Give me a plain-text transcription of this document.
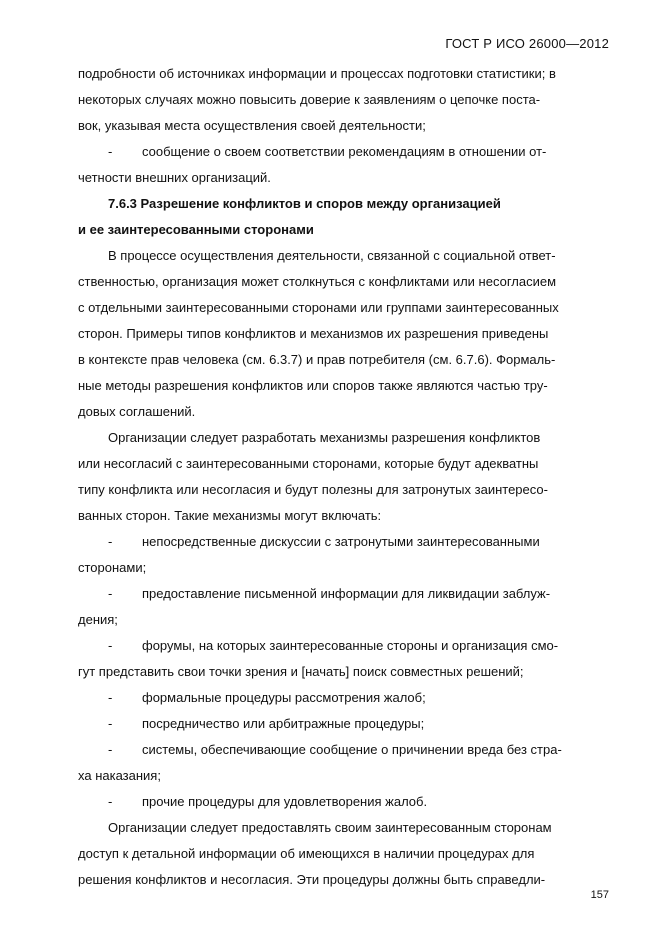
ГОСТ Р ИСО 26000—2012
подробности об источниках информации и процессах подготовки статистики; в
некоторых случаях можно повысить доверие к заявлениям о цепочке поста-
вок, указывая места осуществления своей деятельности;
- сообщение о своем соответствии рекомендациям в отношении от-
четности внешних организаций.
7.6.3 Разрешение конфликтов и споров между организацией
и ее заинтересованными сторонами
В процессе осуществления деятельности, связанной с социальной ответ-
ственностью, организация может столкнуться с конфликтами или несогласием
с отдельными заинтересованными сторонами или группами заинтересованных
сторон. Примеры типов конфликтов и механизмов их разрешения приведены
в контексте прав человека (см. 6.3.7) и прав потребителя (см. 6.7.6). Формаль-
ные методы разрешения конфликтов или споров также являются частью тру-
довых соглашений.
Организации следует разработать механизмы разрешения конфликтов
или несогласий с заинтересованными сторонами, которые будут адекватны
типу конфликта или несогласия и будут полезны для затронутых заинтересо-
ванных сторон. Такие механизмы могут включать:
- непосредственные дискуссии с затронутыми заинтересованными
сторонами;
- предоставление письменной информации для ликвидации заблуж-
дения;
- форумы, на которых заинтересованные стороны и организация смо-
гут представить свои точки зрения и [начать] поиск совместных решений;
- формальные процедуры рассмотрения жалоб;
- посредничество или арбитражные процедуры;
- системы, обеспечивающие сообщение о причинении вреда без стра-
ха наказания;
- прочие процедуры для удовлетворения жалоб.
Организации следует предоставлять своим заинтересованным сторонам
доступ к детальной информации об имеющихся в наличии процедурах для
решения конфликтов и несогласия. Эти процедуры должны быть справедли-
157
